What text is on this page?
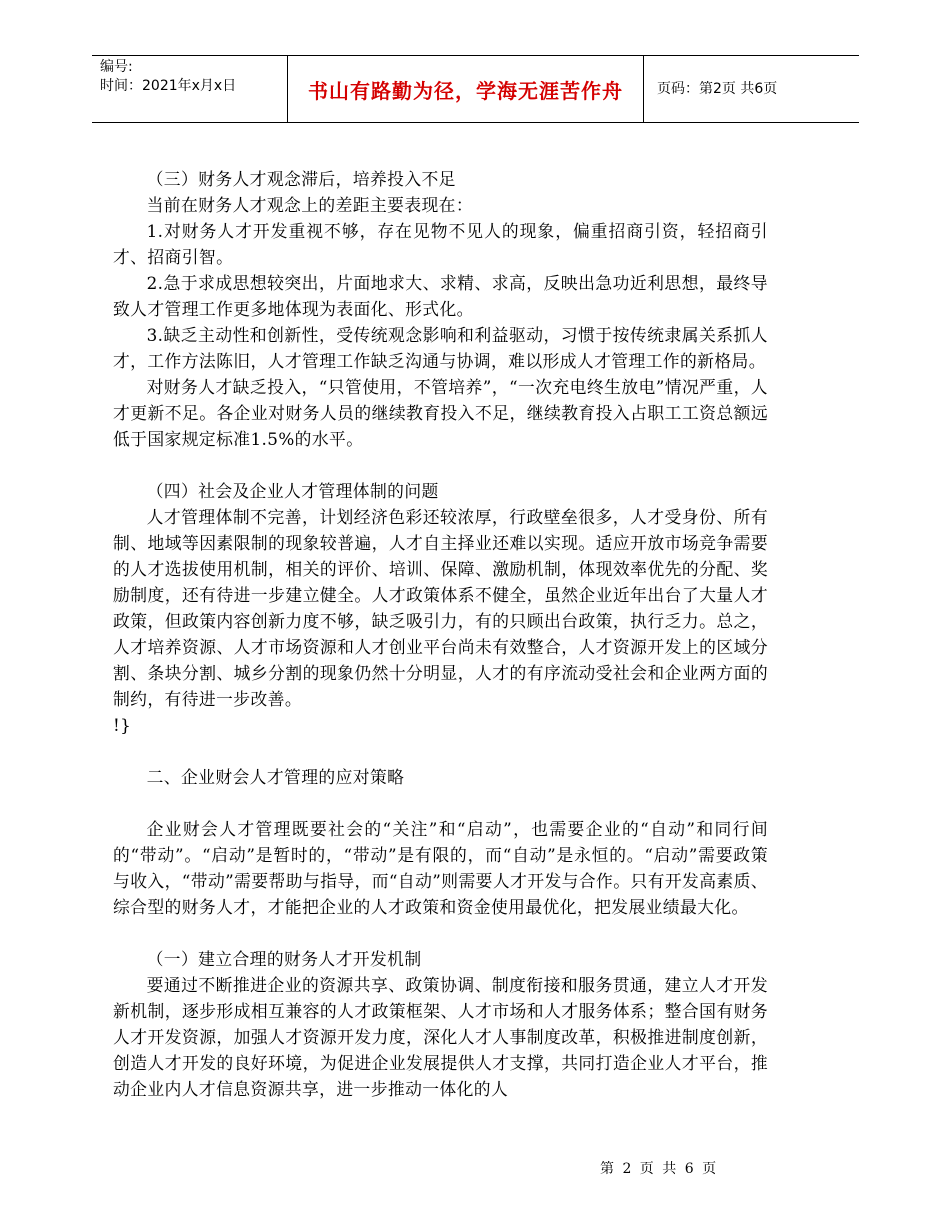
编号:
时间：2021年x月x日	书山有路勤为径，学海无涯苦作舟 页码：第2页 共6页

（三）财务人才观念滞后，培养投入不足

当前在财务人才观念上的差距主要表现在：

1.对财务人才开发重视不够，存在见物不见人的现象，偏重招商引资，轻招商引才、招商引智。

2.急于求成思想较突出，片面地求大、求精、求高，反映出急功近利思想，最终导致人才管理工作更多地体现为表面化、形式化。

3.缺乏主动性和创新性，受传统观念影响和利益驱动，习惯于按传统隶属关系抓人才，工作方法陈旧，人才管理工作缺乏沟通与协调，难以形成人才管理工作的新格局。

对财务人才缺乏投入，“只管使用，不管培养”，“一次充电终生放电”情况严重，人才更新不足。各企业对财务人员的继续教育投入不足，继续教育投入占职工工资总额远低于国家规定标准1.5%的水平。

（四）社会及企业人才管理体制的问题

人才管理体制不完善，计划经济色彩还较浓厚，行政壁垒很多，人才受身份、所有制、地域等因素限制的现象较普遍，人才自主择业还难以实现。适应开放市场竞争需要的人才选拔使用机制，相关的评价、培训、保障、激励机制，体现效率优先的分配、奖励制度，还有待进一步建立健全。人才政策体系不健全，虽然企业近年出台了大量人才政策，但政策内容创新力度不够，缺乏吸引力，有的只顾出台政策，执行乏力。总之，人才培养资源、人才市场资源和人才创业平台尚未有效整合，人才资源开发上的区域分割、条块分割、城乡分割的现象仍然十分明显，人才的有序流动受社会和企业两方面的制约，有待进一步改善。

!}

二、企业财会人才管理的应对策略

企业财会人才管理既要社会的“关注”和“启动”，也需要企业的“自动”和同行间的“带动”。“启动”是暂时的，“带动”是有限的，而“自动”是永恒的。“启动”需要政策与收入，“带动”需要帮助与指导，而“自动”则需要人才开发与合作。只有开发高素质、综合型的财务人才，才能把企业的人才政策和资金使用最优化，把发展业绩最大化。

（一）建立合理的财务人才开发机制

要通过不断推进企业的资源共享、政策协调、制度衔接和服务贯通，建立人才开发新机制，逐步形成相互兼容的人才政策框架、人才市场和人才服务体系；整合国有财务人才开发资源，加强人才资源开发力度，深化人才人事制度改革，积极推进制度创新，创造人才开发的良好环境，为促进企业发展提供人才支撑，共同打造企业人才平台，推动企业内人才信息资源共享，进一步推动一体化的人

第 2 页 共 6 页
